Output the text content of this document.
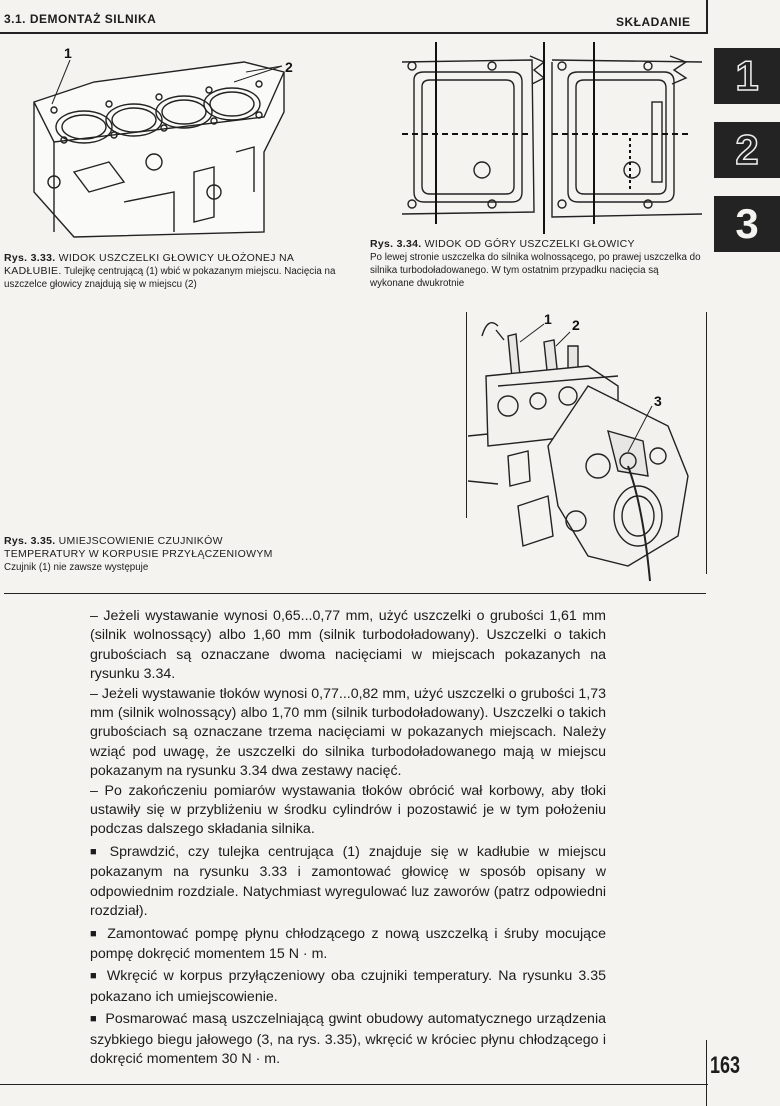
3.1. DEMONTAŻ SILNIKA	SKŁADANIE
1
2
3
1
2
Rys. 3.33. WIDOK USZCZELKI GŁOWICY UŁOŻONEJ NA KADŁUBIE. Tulejkę centrującą (1) wbić w pokazanym miejscu. Nacięcia na uszczelce głowicy znajdują się w miejscu (2)
Rys. 3.34. WIDOK OD GÓRY USZCZELKI GŁOWICY
Po lewej stronie uszczelka do silnika wolnossącego, po prawej uszczelka do silnika turbodoładowanego. W tym ostatnim przypadku nacięcia są wykonane dwukrotnie
1 2
3
Rys. 3.35. UMIEJSCOWIENIE CZUJNIKÓW
TEMPERATURY W KORPUSIE PRZYŁĄCZENIOWYM
Czujnik (1) nie zawsze występuje

– Jeżeli wystawanie wynosi 0,65...0,77 mm, użyć uszczelki o grubości 1,61 mm (silnik wolnossący) albo 1,60 mm (silnik turbodoładowany). Uszczelki o takich grubościach są oznaczane dwoma nacięciami w miejscach pokazanych na rysunku 3.34.

– Jeżeli wystawanie tłoków wynosi 0,77...0,82 mm, użyć uszczelki o grubości 1,73 mm (silnik wolnossący) albo 1,70 mm (silnik turbodoładowany). Uszczelki o takich grubościach są oznaczane trzema nacięciami w pokazanych miejscach. Należy wziąć pod uwagę, że uszczelki do silnika turbodoładowanego mają w miejscu pokazanym na rysunku 3.34 dwa zestawy nacięć.

– Po zakończeniu pomiarów wystawania tłoków obrócić wał korbowy, aby tłoki ustawiły się w przybliżeniu w środku cylindrów i pozostawić je w tym położeniu podczas dalszego składania silnika.

■ Sprawdzić, czy tulejka centrująca (1) znajduje się w kadłubie w miejscu pokazanym na rysunku 3.33 i zamontować głowicę w sposób opisany w odpowiednim rozdziale. Natychmiast wyregulować luz zaworów (patrz odpowiedni rozdział).

■ Zamontować pompę płynu chłodzącego z nową uszczelką i śruby mocujące pompę dokręcić momentem 15 N · m.

■ Wkręcić w korpus przyłączeniowy oba czujniki temperatury. Na rysunku 3.35 pokazano ich umiejscowienie.

■ Posmarować masą uszczelniającą gwint obudowy automatycznego urządzenia szybkiego biegu jałowego (3, na rys. 3.35), wkręcić w króciec płynu chłodzącego i dokręcić momentem 30 N · m.	163
